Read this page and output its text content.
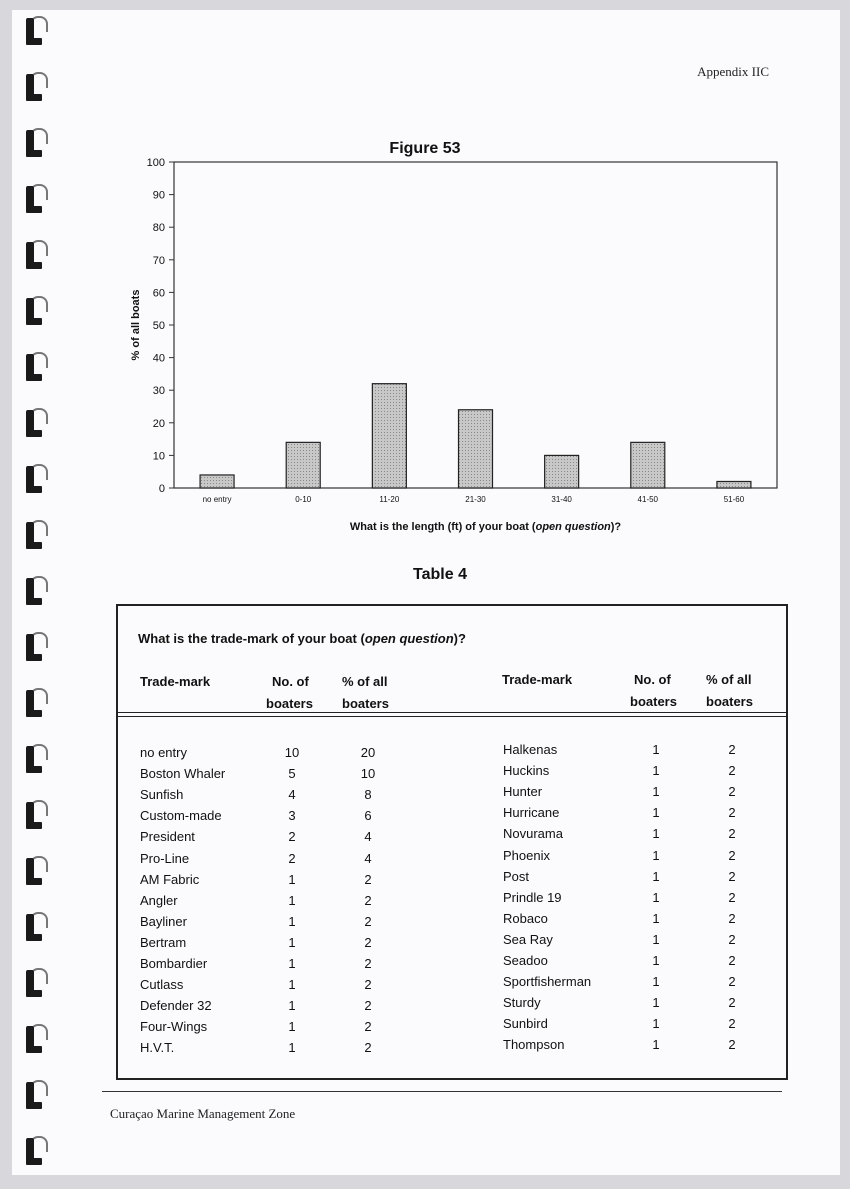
Appendix IIC
Figure 53
0
10
20
30
40
50
60
70
80
90
100
no entry	0-10	11-20	21-30	31-40	41-50	51-60
% of all boats
What is the length (ft) of your boat (open question)?
Table 4
What is the trade-mark of your boat (open question)?
Trade-mark	No. of
boaters
% of all
boaters
Trade-mark	No. of
boaters
% of all
boaters
no entry	10	20
Boston Whaler	5	10
Sunfish	4	8
Custom-made	3	6
President	2	4
Pro-Line	2	4
AM Fabric	1	2
Angler	1	2
Bayliner	1	2
Bertram	1	2
Bombardier	1	2
Cutlass	1	2
Defender 32	1	2
Four-Wings	1	2
H.V.T.	1	2
Halkenas	1	2
Huckins	1	2
Hunter	1	2
Hurricane	1	2
Novurama	1	2
Phoenix	1	2
Post	1	2
Prindle 19	1	2
Robaco	1	2
Sea Ray	1	2
Seadoo	1	2
Sportfisherman	1	2
Sturdy	1	2
Sunbird	1	2
Thompson	1	2
Curaçao Marine Management Zone
